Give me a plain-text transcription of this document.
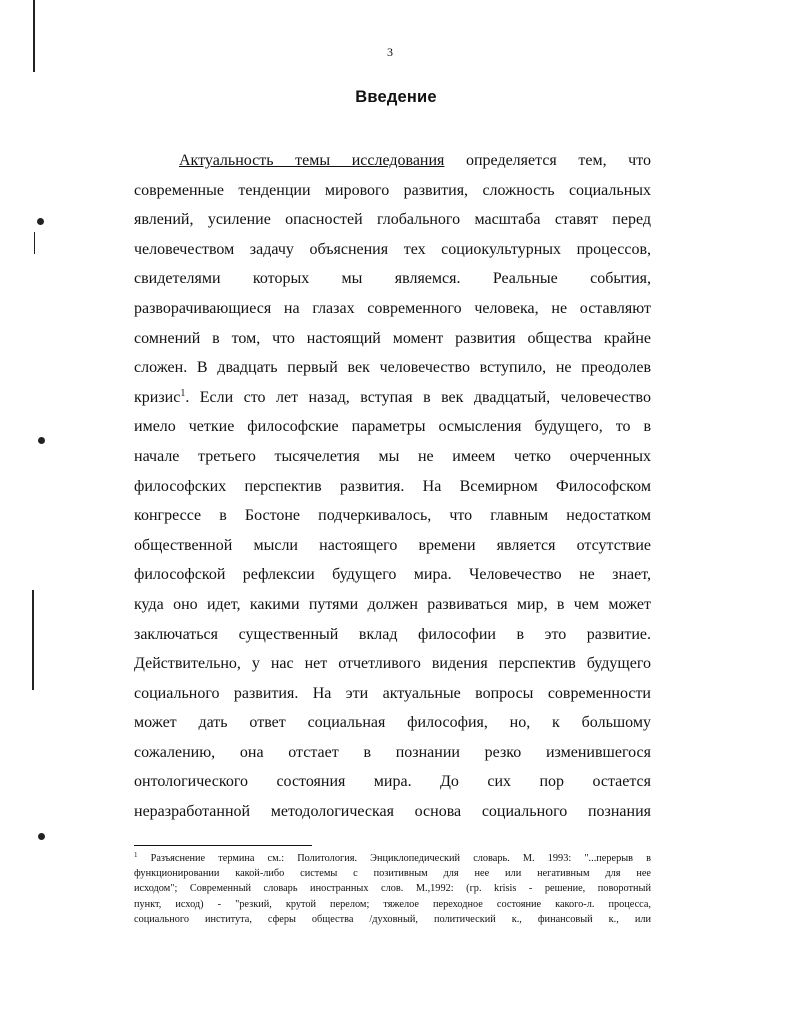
3
Введение
Актуальность темы исследования определяется тем, что
современные тенденции мирового развития, сложность социальных
явлений, усиление опасностей глобального масштаба ставят перед
человечеством задачу объяснения тех социокультурных процессов,
свидетелями которых мы являемся. Реальные события,
разворачивающиеся на глазах современного человека, не оставляют
сомнений в том, что настоящий момент развития общества крайне
сложен. В двадцать первый век человечество вступило, не преодолев
кризис$^1$. Если сто лет назад, вступая в век двадцатый, человечество
имело четкие философские параметры осмысления будущего, то в
начале третьего тысячелетия мы не имеем четко очерченных
философских перспектив развития. На Всемирном Философском
конгрессе в Бостоне подчеркивалось, что главным недостатком
общественной мысли настоящего времени является отсутствие
философской рефлексии будущего мира. Человечество не знает,
куда оно идет, какими путями должен развиваться мир, в чем может
заключаться существенный вклад философии в это развитие.
Действительно, у нас нет отчетливого видения перспектив будущего
социального развития. На эти актуальные вопросы современности
может дать ответ социальная философия, но, к большому
сожалению, она отстает в познании резко изменившегося
онтологического состояния мира. До сих пор остается
неразработанной методологическая основа социального познания
$^1$ Разъяснение термина см.: Политология. Энциклопедический словарь. М. 1993: "...перерыв в
функционировании какой-либо системы с позитивным для нее или негативным для нее
исходом"; Современный словарь иностранных слов. М.,1992: (гр. krisis - решение, поворотный
пункт, исход) - "резкий, крутой перелом; тяжелое переходное состояние какого-л. процесса,
социального института, сферы общества /духовный, политический к., финансовый к., или
